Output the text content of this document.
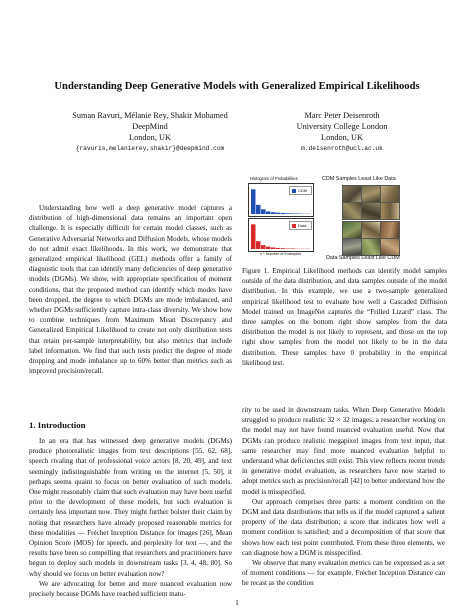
Understanding Deep Generative Models with Generalized Empirical Likelihoods
Suman Ravuri, Mélanie Rey, Shakir Mohamed
DeepMind
London, UK
{ravuris,melanierey,shakir}@deepmind.com
Marc Peter Deisenroth
University College London
London, UK
m.deisenroth@ucl.ac.uk

Understanding how well a deep generative model captures a distribution of high-dimensional data remains an important open challenge. It is especially difficult for certain model classes, such as Generative Adversarial Networks and Diffusion Models, whose models do not admit exact likelihoods. In this work, we demonstrate that generalized empirical likelihood (GEL) methods offer a family of diagnostic tools that can identify many deficiencies of deep generative models (DGMs). We show, with appropriate specification of moment conditions, that the proposed method can identify which modes have been dropped, the degree to which DGMs are mode imbalanced, and whether DGMs sufficiently capture intra-class diversity. We show how to combine techniques from Maximum Mean Discrepancy and Generalized Empirical Likelihood to create not only distribution tests that retain per-sample interpretability, but also metrics that include label information. We find that such tests predict the degree of mode dropping and mode imbalance up to 60% better than metrics such as improved precision/recall.

Histogram of Probabilities
CDM
Data
n * Number of Examples
CDM Samples Least Like Data
Data Samples Least Like CDM

Figure 1. Empirical Likelihood methods can identify model samples outside of the data distribution, and data samples outside of the model distribution. In this example, we use a two-sample generalized empirical likelihood test to evaluate how well a Cascaded Diffusion Model trained on ImageNet captures the “Frilled Lizard” class. The three samples on the bottom right show samples from the data distribution the model is not likely to represent, and those on the top right show samples from the model not likely to be in the data distribution. These samples have 0 probability in the empirical likelihood test.

1. Introduction

In an era that has witnessed deep generative models (DGMs) produce photorealistic images from text descriptions [55, 62, 68], speech rivaling that of professional voice actors [8, 20, 49], and text seemingly indistinguishable from writing on the internet [5, 50], it perhaps seems quaint to focus on better evaluation of such models. One might reasonably claim that such evaluation may have been useful prior to the development of these models, but such evaluation is certainly less important now. They might further bolster their claim by noting that researchers have already proposed reasonable metrics for these modalities — Fréchet Inception Distance for images [26], Mean Opinion Score (MOS) for speech, and perplexity for text —, and the results have been so compelling that researchers and practitioners have begun to deploy such models in downstream tasks [3, 4, 48, 80]. So why should we focus on better evaluation now?

We are advocating for better and more nuanced evaluation now precisely because DGMs have reached sufficient matu-

rity to be used in downstream tasks. When Deep Generative Models struggled to produce realistic 32 × 32 images, a researcher working on the model may not have found nuanced evaluation useful. Now that DGMs can produce realistic megapixel images from text input, that same researcher may find more nuanced evaluation helpful to understand what deficiencies still exist. This view reflects recent trends in generative model evaluation, as researchers have now started to adopt metrics such as precision/recall [42] to better understand how the model is misspecified.

Our approach comprises three parts: a moment condition on the DGM and data distributions that tells us if the model captured a salient property of the data distribution; a score that indicates how well a moment condition is satisfied; and a decomposition of that score that shows how each test point contributed. From these three elements, we can diagnose how a DGM is misspecified.

We observe that many evaluation metrics can be expressed as a set of moment conditions — for example, Fréchet Inception Distance can be recast as the condition

1
